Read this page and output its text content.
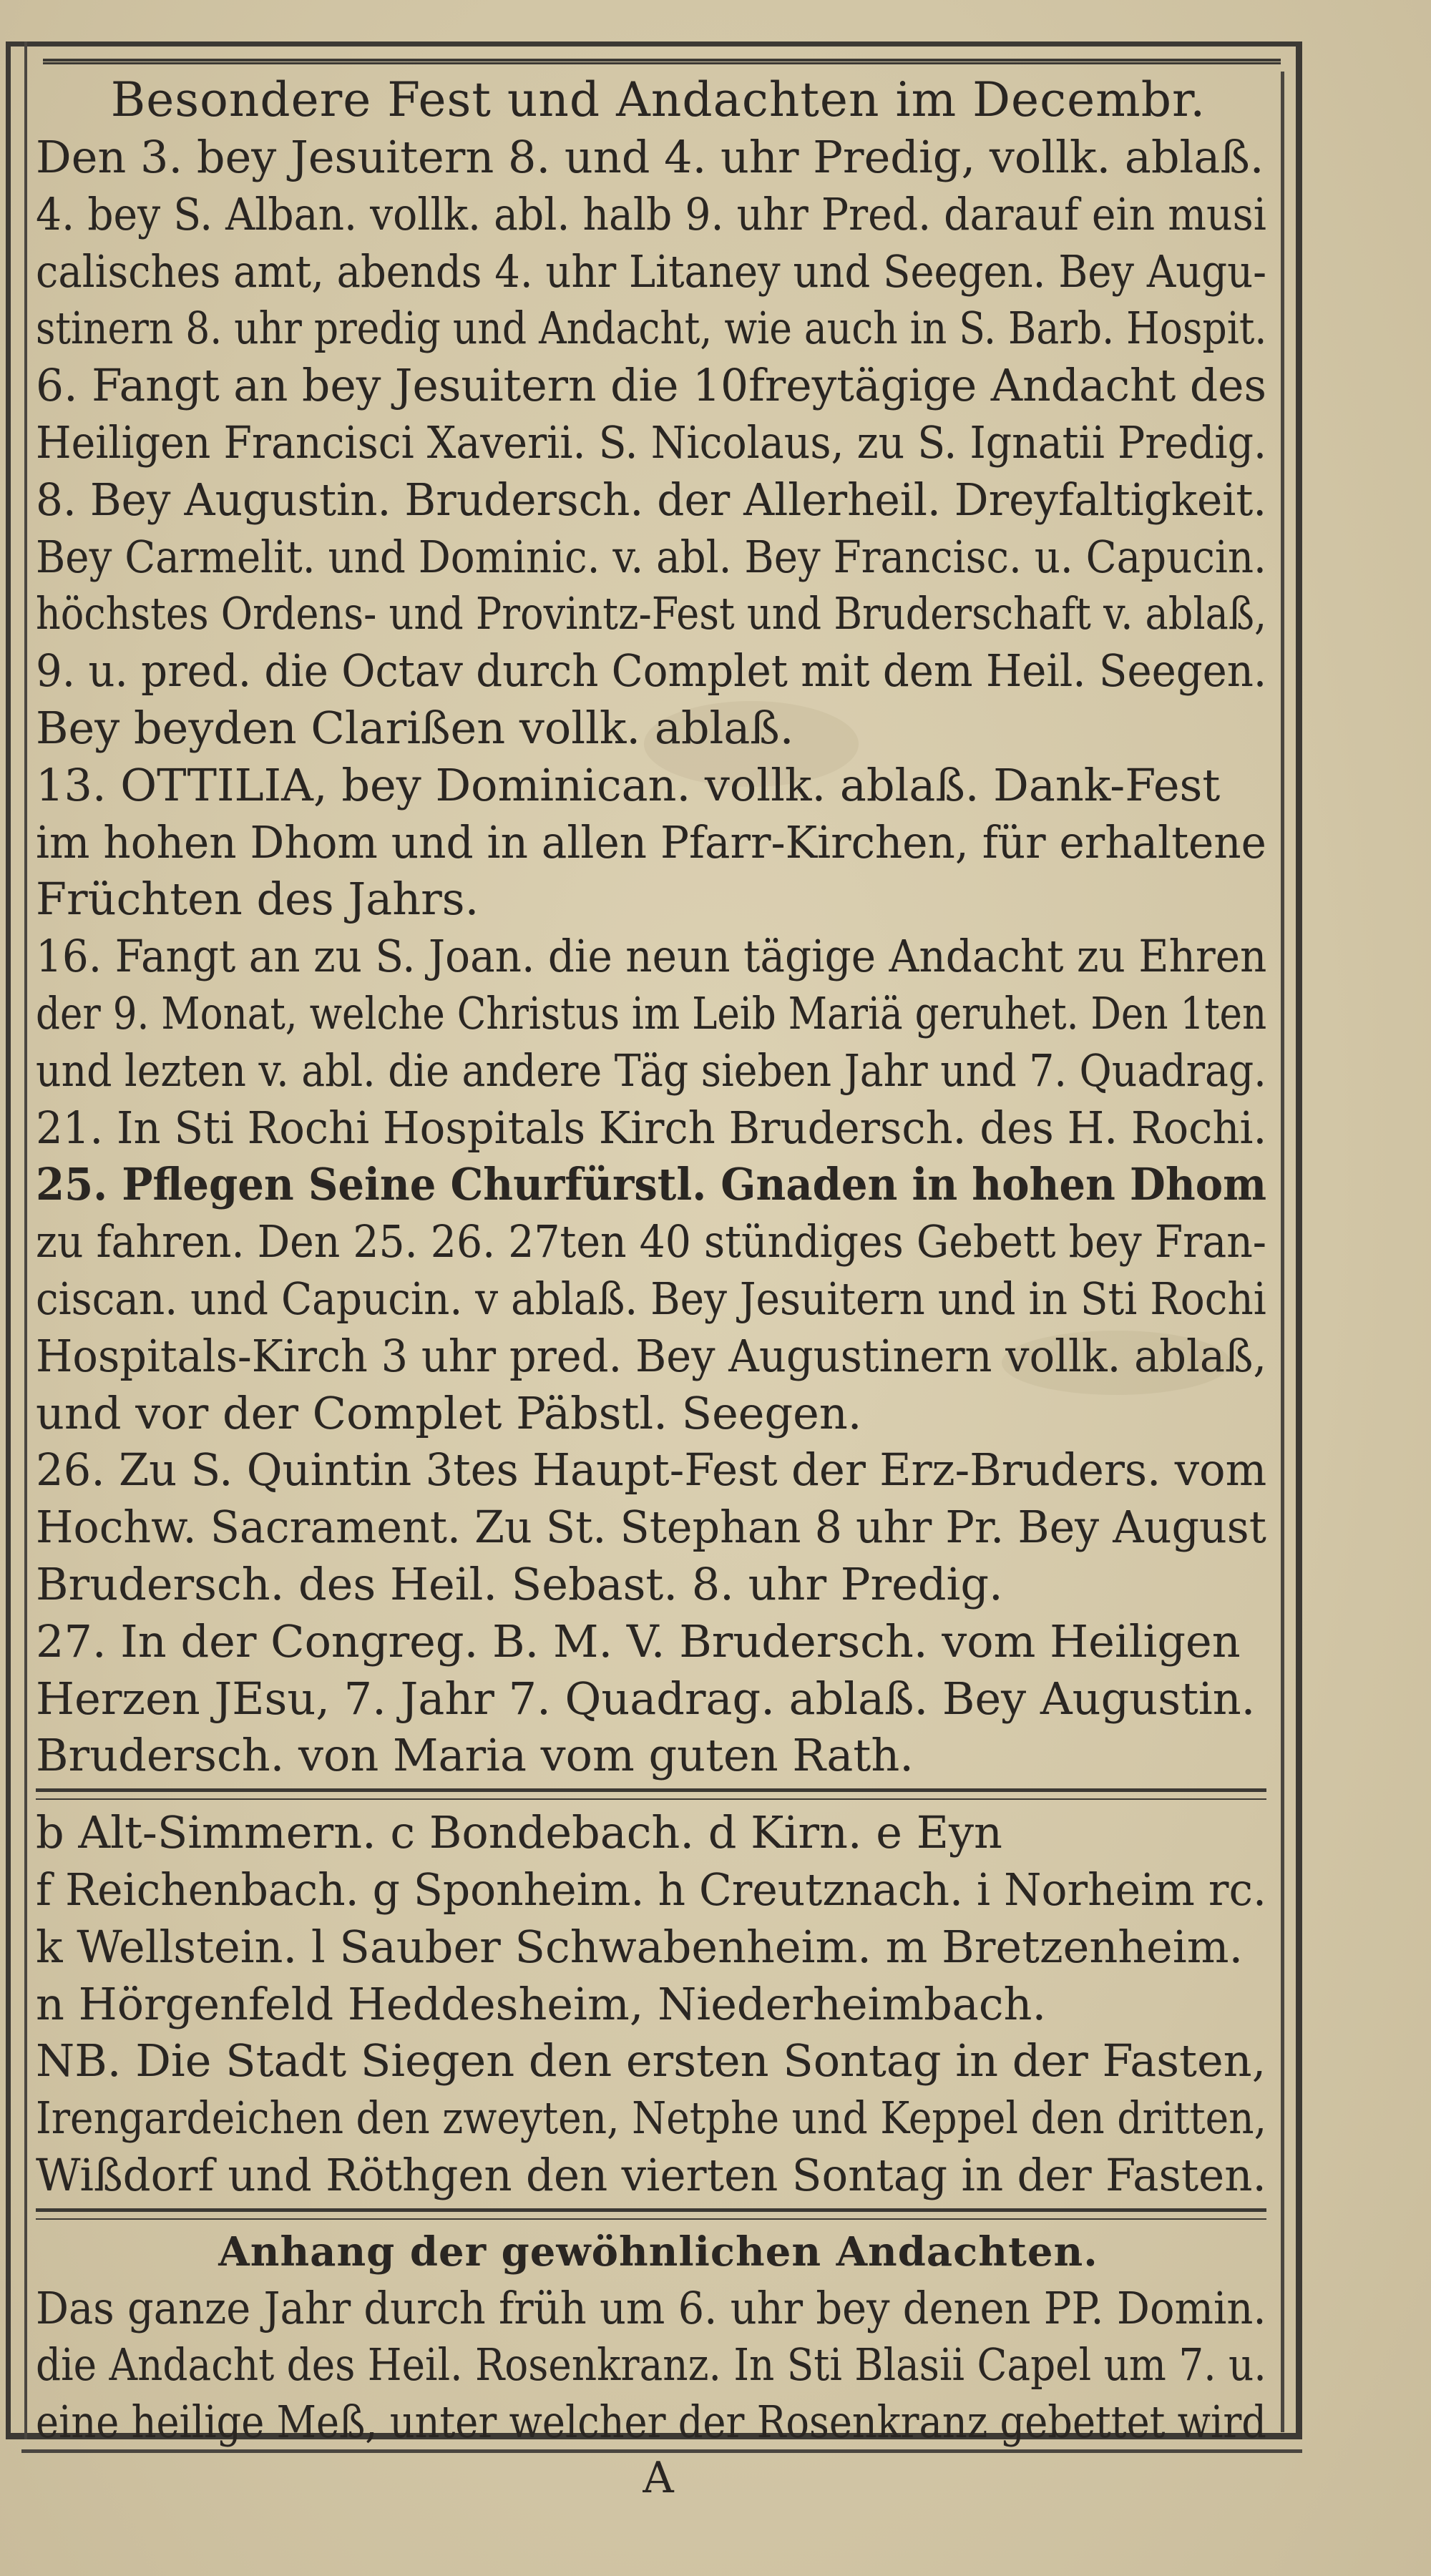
Besondere Fest und Andachten im Decembr.
Den 3. bey Jesuitern 8. und 4. uhr Predig, vollk. ablaß.
4. bey S. Alban. vollk. abl. halb 9. uhr Pred. darauf ein musi
calisches amt, abends 4. uhr Litaney und Seegen. Bey Augu-
stinern 8. uhr predig und Andacht, wie auch in S. Barb. Hospit.
6. Fangt an bey Jesuitern die 10freytägige Andacht des
Heiligen Francisci Xaverii. S. Nicolaus, zu S. Ignatii Predig.
8. Bey Augustin. Brudersch. der Allerheil. Dreyfaltigkeit.
Bey Carmelit. und Dominic. v. abl. Bey Francisc. u. Capucin.
höchstes Ordens- und Provintz-Fest und Bruderschaft v. ablaß,
9. u. pred. die Octav durch Complet mit dem Heil. Seegen.
Bey beyden Clarißen vollk. ablaß.
13. OTTILIA, bey Dominican. vollk. ablaß. Dank-Fest
im hohen Dhom und in allen Pfarr-Kirchen, für erhaltene
Früchten des Jahrs.
16. Fangt an zu S. Joan. die neun tägige Andacht zu Ehren
der 9. Monat, welche Christus im Leib Mariä geruhet. Den 1ten
und lezten v. abl. die andere Täg sieben Jahr und 7. Quadrag.
21. In Sti Rochi Hospitals Kirch Brudersch. des H. Rochi.
25. Pflegen Seine Churfürstl. Gnaden in hohen Dhom
zu fahren. Den 25. 26. 27ten 40 stündiges Gebett bey Fran-
ciscan. und Capucin. v ablaß. Bey Jesuitern und in Sti Rochi
Hospitals-Kirch 3 uhr pred. Bey Augustinern vollk. ablaß,
und vor der Complet Päbstl. Seegen.
26. Zu S. Quintin 3tes Haupt-Fest der Erz-Bruders. vom
Hochw. Sacrament. Zu St. Stephan 8 uhr Pr. Bey August
Brudersch. des Heil. Sebast. 8. uhr Predig.
27. In der Congreg. B. M. V. Brudersch. vom Heiligen
Herzen JEsu, 7. Jahr 7. Quadrag. ablaß. Bey Augustin.
Brudersch. von Maria vom guten Rath.
b Alt-Simmern. c Bondebach. d Kirn. e Eyn
f Reichenbach. g Sponheim. h Creutznach. i Norheim rc.
k Wellstein. l Sauber Schwabenheim. m Bretzenheim.
n Hörgenfeld Heddesheim, Niederheimbach.
NB. Die Stadt Siegen den ersten Sontag in der Fasten,
Irengardeichen den zweyten, Netphe und Keppel den dritten,
Wißdorf und Röthgen den vierten Sontag in der Fasten.
Anhang der gewöhnlichen Andachten.
Das ganze Jahr durch früh um 6. uhr bey denen PP. Domin.
die Andacht des Heil. Rosenkranz. In Sti Blasii Capel um 7. u.
eine heilige Meß, unter welcher der Rosenkranz gebettet wird
A
